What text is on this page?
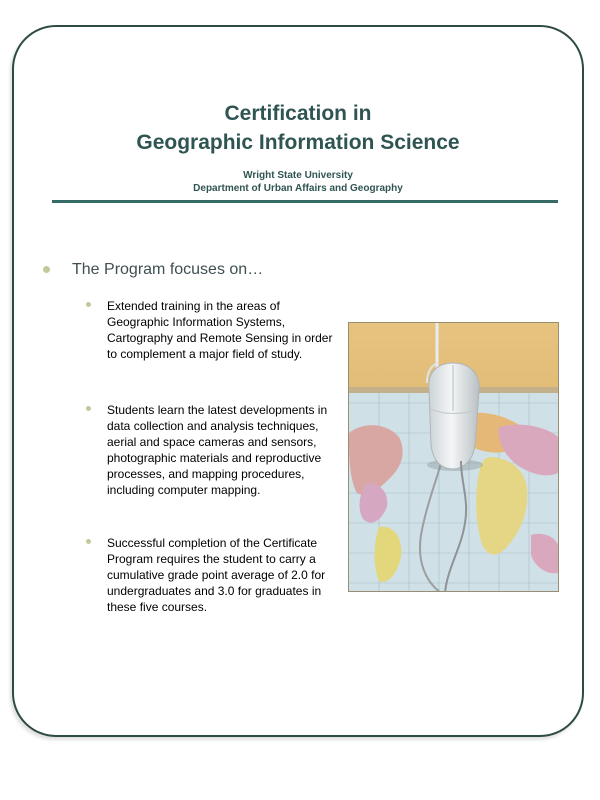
Certification in
Geographic Information Science
Wright State University
Department of Urban Affairs and Geography
The Program focuses on…
Extended training in the areas of Geographic Information Systems, Cartography and Remote Sensing in order to complement a major field of study.
Students learn the latest developments in data collection and analysis techniques, aerial and space cameras and sensors, photographic materials and reproductive processes, and mapping procedures, including computer mapping.
Successful completion of the Certificate Program requires the student to carry a cumulative grade point average of 2.0 for undergraduates and 3.0 for graduates in these five courses.
